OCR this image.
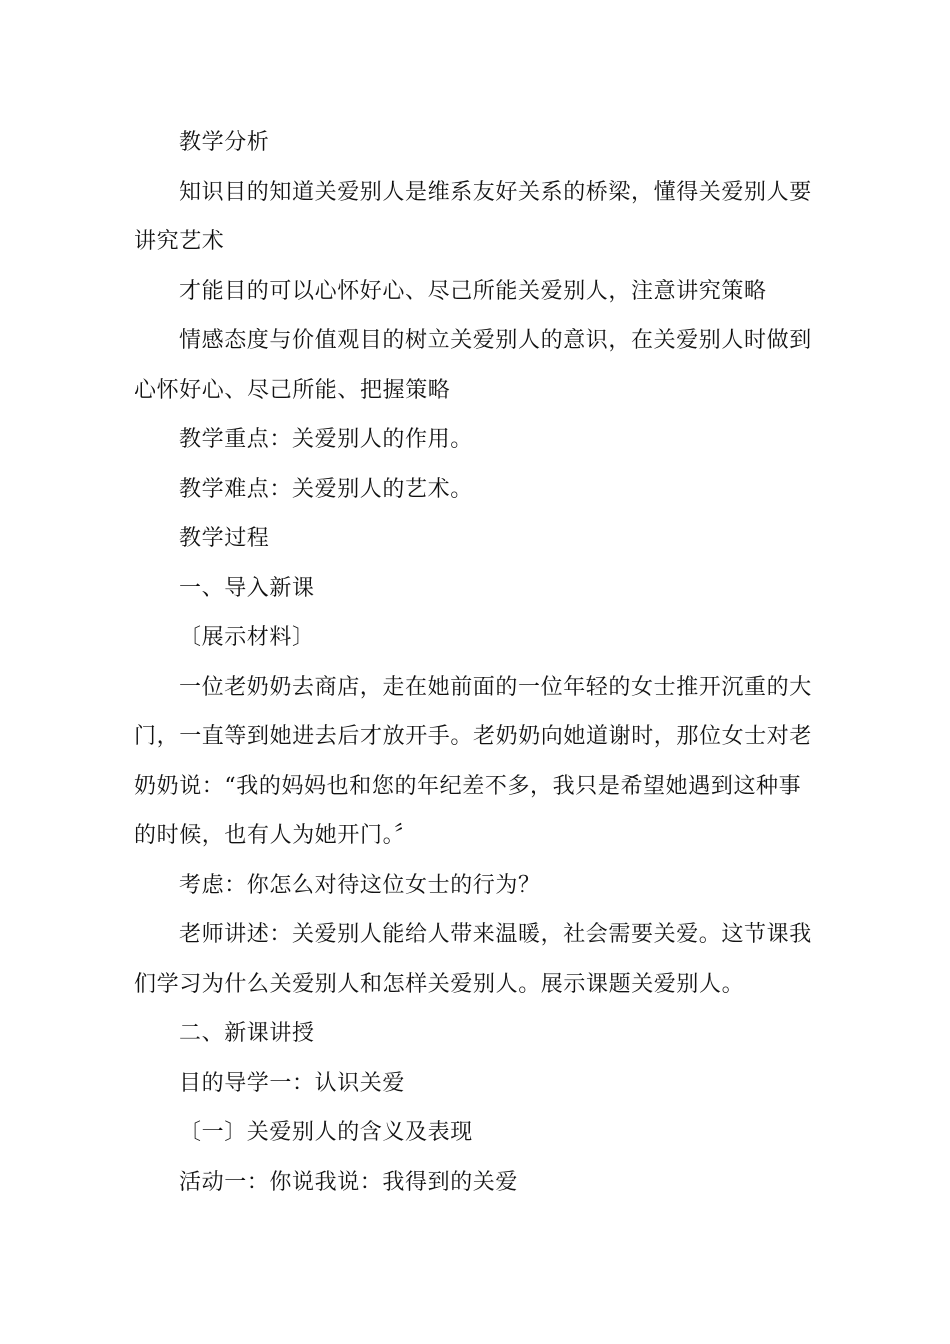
教学分析

知识目的知道关爱别人是维系友好关系的桥梁，懂得关爱别人要讲究艺术

才能目的可以心怀好心、尽己所能关爱别人，注意讲究策略

情感态度与价值观目的树立关爱别人的意识，在关爱别人时做到心怀好心、尽己所能、把握策略

教学重点：关爱别人的作用。

教学难点：关爱别人的艺术。

教学过程

一、导入新课

〔展示材料〕

一位老奶奶去商店，走在她前面的一位年轻的女士推开沉重的大门，一直等到她进去后才放开手。老奶奶向她道谢时，那位女士对老奶奶说：“我的妈妈也和您的年纪差不多，我只是希望她遇到这种事的时候，也有人为她开门。〞

考虑：你怎么对待这位女士的行为？

老师讲述：关爱别人能给人带来温暖，社会需要关爱。这节课我们学习为什么关爱别人和怎样关爱别人。展示课题关爱别人。

二、新课讲授

目的导学一：认识关爱

〔一〕关爱别人的含义及表现

活动一：你说我说：我得到的关爱
